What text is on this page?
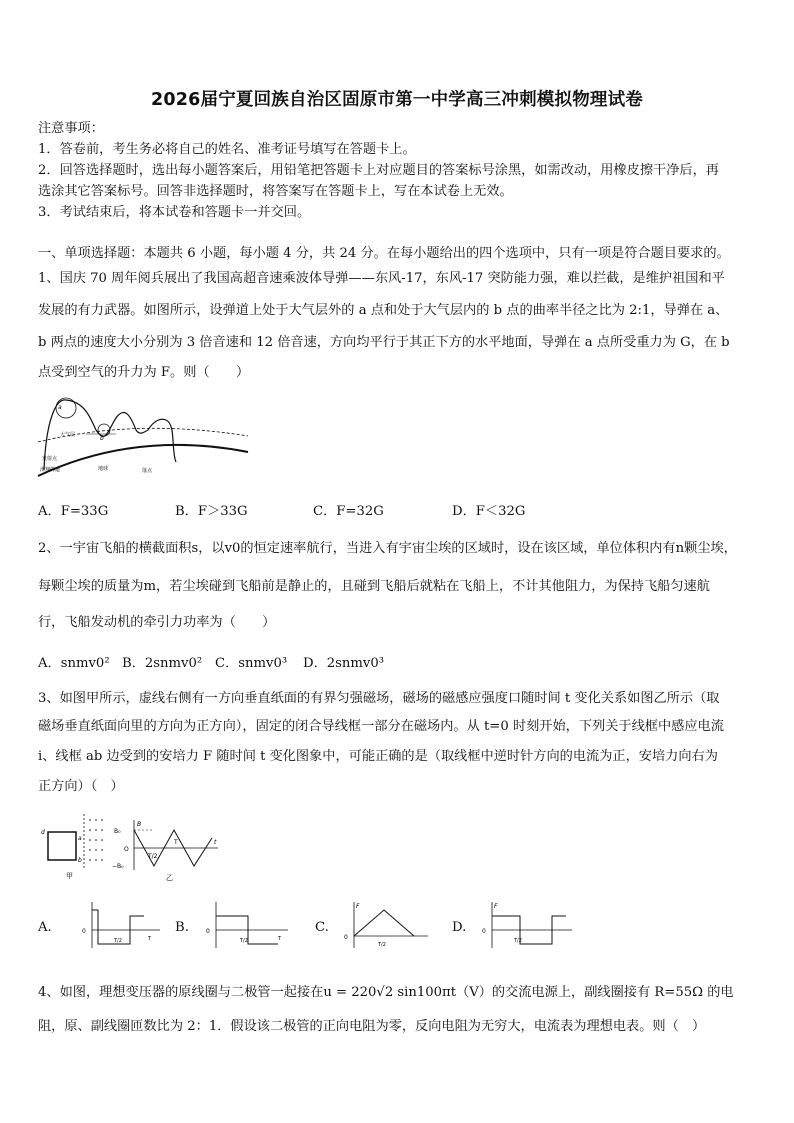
2026届宁夏回族自治区固原市第一中学高三冲刺模拟物理试卷
注意事项：
1．答卷前，考生务必将自己的姓名、准考证号填写在答题卡上。
2．回答选择题时，选出每小题答案后，用铅笔把答题卡上对应题目的答案标号涂黑，如需改动，用橡皮擦干净后，再
选涂其它答案标号。回答非选择题时，将答案写在答题卡上，写在本试卷上无效。
3．考试结束后，将本试卷和答题卡一并交回。
一、单项选择题：本题共 6 小题，每小题 4 分，共 24 分。在每小题给出的四个选项中，只有一项是符合题目要求的。
1、国庆 70 周年阅兵展出了我国高超音速乘波体导弹——东风-17，东风-17 突防能力强，难以拦截，是维护祖国和平
发展的有力武器。如图所示，设弹道上处于大气层外的 a 点和处于大气层内的 b 点的曲率半径之比为 2:1，导弹在 a、
b 两点的速度大小分别为 3 倍音速和 12 倍音速，方向均平行于其正下方的水平地面，导弹在 a 点所受重力为 G，在 b
点受到空气的升力为 F。则（　　）
a
b
大气层
发射点
滑翔弹道	地球	落点
A．F=33G	B．F＞33G	C．F=32G	D．F＜32G
2、一宇宙飞船的横截面积s，以v0的恒定速率航行，当进入有宇宙尘埃的区域时，设在该区域，单位体积内有n颗尘埃，
每颗尘埃的质量为m，若尘埃碰到飞船前是静止的，且碰到飞船后就粘在飞船上，不计其他阻力，为保持飞船匀速航
行，飞船发动机的牵引力功率为（　　）
A．snmv0² B．2snmv0² C．snmv0³ D．2snmv0³
3、如图甲所示，虚线右侧有一方向垂直纸面的有界匀强磁场，磁场的磁感应强度口随时间 t 变化关系如图乙所示（取
磁场垂直纸面向里的方向为正方向），固定的闭合导线框一部分在磁场内。从 t=0 时刻开始，下列关于线框中感应电流
i、线框 ab 边受到的安培力 F 随时间 t 变化图象中，可能正确的是（取线框中逆时针方向的电流为正，安培力向右为
正方向）（　）
d
a
b
甲
B₀
O
−B₀
T/2
T
B
t
乙
A.	0
T/2	T
B.	0
T/2	T
C.
0
T/2
F
D.	0
T/2
F
4、如图，理想变压器的原线圈与二极管一起接在u = 220√2 sin100πt（V）的交流电源上，副线圈接有 R=55Ω 的电
阻，原、副线圈匝数比为 2：1．假设该二极管的正向电阻为零，反向电阻为无穷大，电流表为理想电表。则（　）
